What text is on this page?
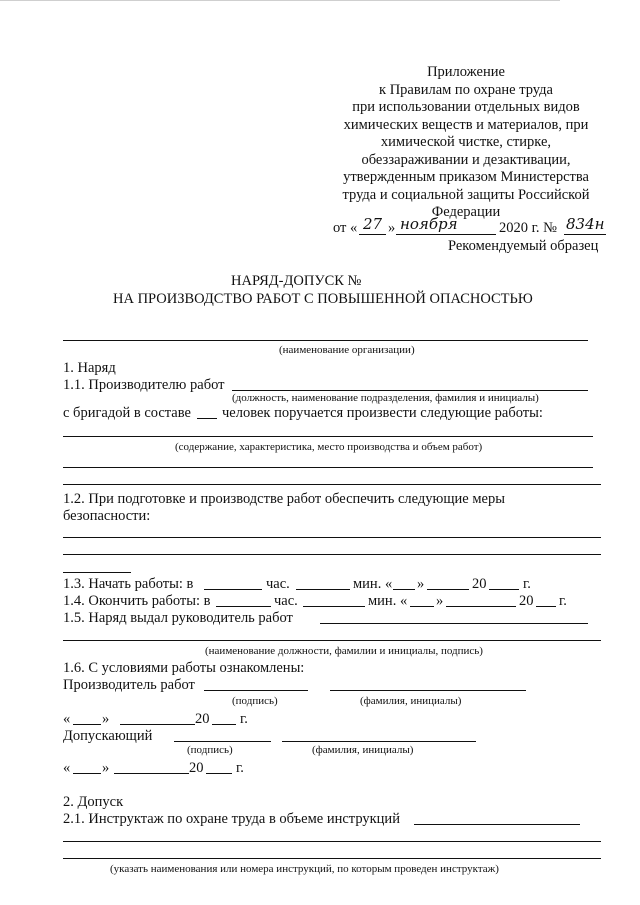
Приложение
к Правилам по охране труда
при использовании отдельных видов
химических веществ и материалов, при
химической чистке, стирке,
обеззараживании и дезактивации,
утвержденным приказом Министерства
труда и социальной защиты Российской
Федерации
от « 27 » ноября	2020 г. № 834н
Рекомендуемый образец
НАРЯД-ДОПУСК №
НА ПРОИЗВОДСТВО РАБОТ С ПОВЫШЕННОЙ ОПАСНОСТЬЮ
(наименование организации)
1. Наряд
1.1. Производителю работ
(должность, наименование подразделения, фамилия и инициалы)
с бригадой в составе человек поручается произвести следующие работы:
(содержание, характеристика, место производства и объем работ)
1.2. При подготовке и производстве работ обеспечить следующие меры
безопасности:
1.3. Начать работы: в	час.	мин. « »	20	г.
1.4. Окончить работы: в	час.	мин. « »	20 г.
1.5. Наряд выдал руководитель работ
(наименование должности, фамилии и инициалы, подпись)
1.6. С условиями работы ознакомлены:
Производитель работ
(подпись)	(фамилия, инициалы)
« »	20 г.
Допускающий
(подпись)	(фамилия, инициалы)
« »	20 г.
2. Допуск
2.1. Инструктаж по охране труда в объеме инструкций
(указать наименования или номера инструкций, по которым проведен инструктаж)
